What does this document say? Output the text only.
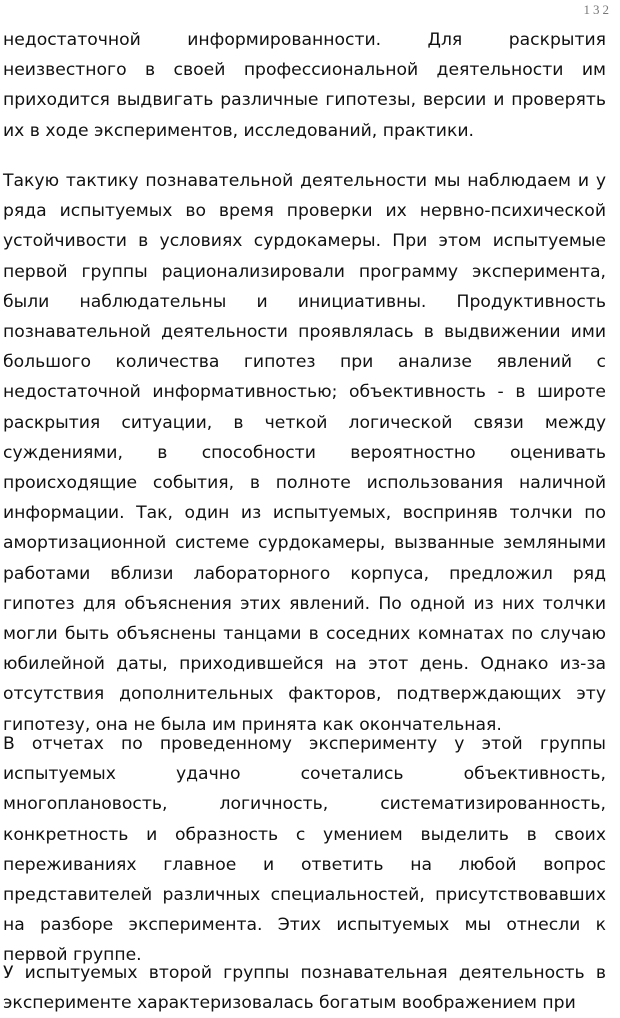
132

недостаточной информированности. Для раскрытия неизвестного в своей профессиональной деятельности им приходится выдвигать различные гипотезы, версии и проверять их в ходе экспериментов, исследований, практики.

Такую тактику познавательной деятельности мы наблюдаем и у ряда испытуемых во время проверки их нервно-психической устойчивости в условиях сурдокамеры. При этом испытуемые первой группы рационализировали программу эксперимента, были наблюдательны и инициативны. Продуктивность познавательной деятельности проявлялась в выдвижении ими большого количества гипотез при анализе явлений с недостаточной информативностью; объективность - в широте раскрытия ситуации, в четкой логической связи между суждениями, в способности вероятностно оценивать происходящие события, в полноте использования наличной информации. Так, один из испытуемых, восприняв толчки по амортизационной системе сурдокамеры, вызванные земляными работами вблизи лабораторного корпуса, предложил ряд гипотез для объяснения этих явлений. По одной из них толчки могли быть объяснены танцами в соседних комнатах по случаю юбилейной даты, приходившейся на этот день. Однако из-за отсутствия дополнительных факторов, подтверждающих эту гипотезу, она не была им принята как окончательная.

В отчетах по проведенному эксперименту у этой группы испытуемых удачно сочетались объективность, многоплановость, логичность, систематизированность, конкретность и образность с умением выделить в своих переживаниях главное и ответить на любой вопрос представителей различных специальностей, присутствовавших на разборе эксперимента. Этих испытуемых мы отнесли к первой группе.

У испытуемых второй группы познавательная деятельность в эксперименте характеризовалась богатым воображением при
